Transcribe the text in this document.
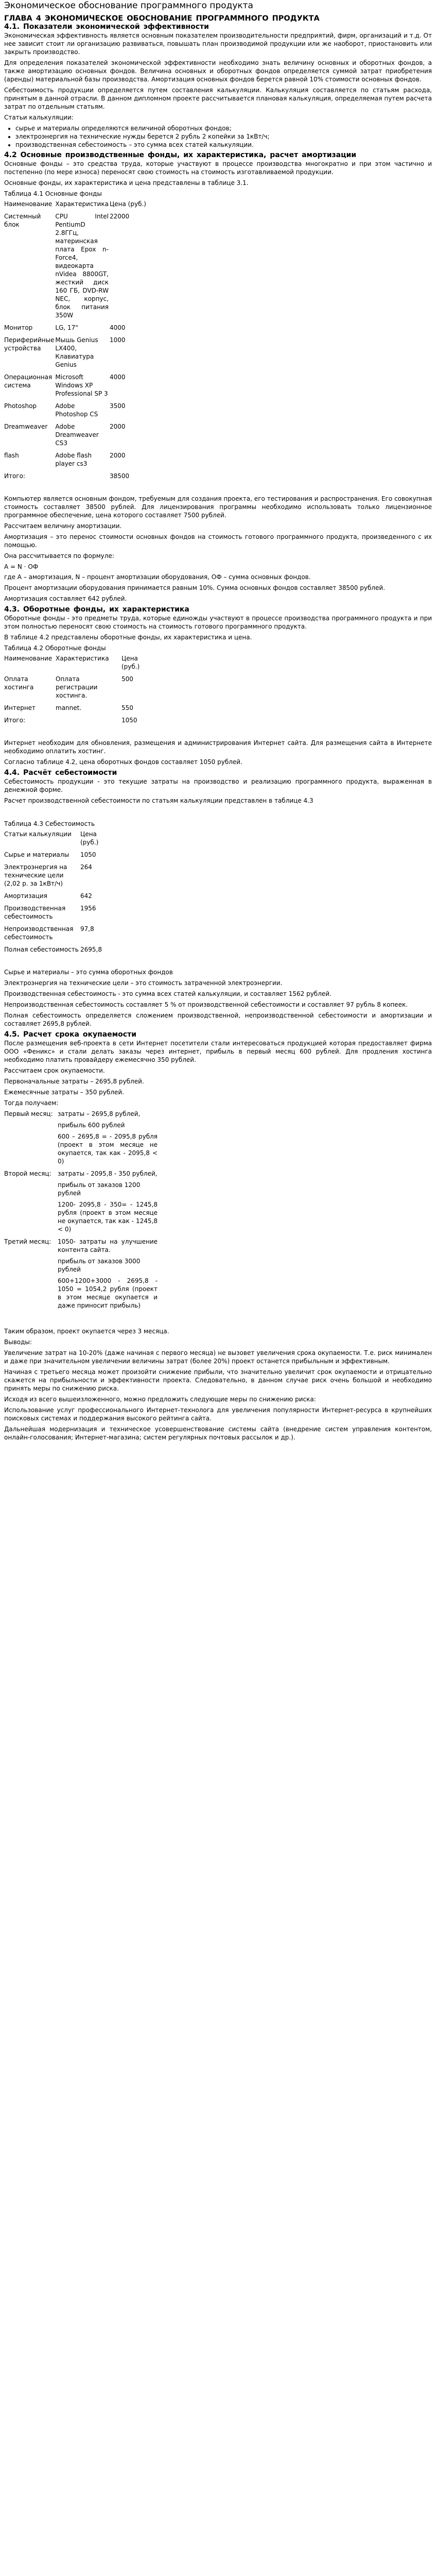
Экономическое обоснование программного продукта
ГЛАВА 4 ЭКОНОМИЧЕСКОЕ ОБОСНОВАНИЕ ПРОГРАММНОГО ПРОДУКТА
4.1. Показатели экономической эффективности

Экономическая эффективность является основным показателем производительности предприятий, фирм, организаций и т.д. От нее зависит стоит ли организацию развиваться, повышать план производимой продукции или же наоборот, приостановить или закрыть производство.

Для определения показателей экономической эффективности необходимо знать величину основных и оборотных фондов, а также амортизацию основных фондов. Величина основных и оборотных фондов определяется суммой затрат приобретения (аренды) материальной базы производства. Амортизация основных фондов берется равной 10% стоимости основных фондов.

Себестоимость продукции определяется путем составления калькуляции. Калькуляция составляется по статьям расхода, принятым в данной отрасли. В данном дипломном проекте рассчитывается плановая калькуляция, определяемая путем расчета затрат по отдельным статьям.

Статьи калькуляции:

• сырье и материалы определяются величиной оборотных фондов;
• электроэнергия на технические нужды берется 2 рубль 2 копейки за 1кВт/ч;
• производственная себестоимость – это сумма всех статей калькуляции.
4.2 Основные производственные фонды, их характеристика, расчет амортизации

Основные фонды – это средства труда, которые участвуют в процессе производства многократно и при этом частично и постепенно (по мере износа) переносят свою стоимость на стоимость изготавливаемой продукции.

Основные фонды, их характеристика и цена представлены в таблице 3.1.

Таблица 4.1 Основные фонды
Наименование	Характеристика	Цена (руб.)
Системный блок	CPU Intel PentiumD 2.8ГГц, материнская плата Epox n-Force4, видеокарта nVidea 8800GT, жесткий диск 160 ГБ, DVD-RW NEC, корпус, блок питания 350W	22000
Монитор	LG, 17"	4000
Периферийные устройства	Мышь Genius LX400, Клавиатура Genius	1000
Операционная система	Microsoft Windows XP Professional SP 3	4000
Photoshop	Adobe Photoshop CS	3500
Dreamweaver	Adobe Dreamweaver CS3	2000
flash	Adobe flash player cs3	2000
Итого:		38500

Компьютер является основным фондом, требуемым для создания проекта, его тестирования и распространения. Его совокупная стоимость составляет 38500 рублей. Для лицензирования программы необходимо использовать только лицензионное программное обеспечение, цена которого составляет 7500 рублей.

Рассчитаем величину амортизации.

Амортизация – это перенос стоимости основных фондов на стоимость готового программного продукта, произведенного с их помощью.

Она рассчитывается по формуле:

А = N · ОФ

где А – амортизация, N – процент амортизации оборудования, ОФ – сумма основных фондов.

Процент амортизации оборудования принимается равным 10%. Сумма основных фондов составляет 38500 рублей.

Амортизация составляет 642 рублей.

4.3. Оборотные фонды, их характеристика

Оборотные фонды - это предметы труда, которые единожды участвуют в процессе производства программного продукта и при этом полностью переносят свою стоимость на стоимость готового программного продукта.

В таблице 4.2 представлены оборотные фонды, их характеристика и цена.

Таблица 4.2 Оборотные фонды
Наименование	Характеристика	Цена (руб.)
Оплата хостинга	Оплата регистрации хостинга.	500
Интернет	mannet.	550
Итого:		1050

Интернет необходим для обновления, размещения и администрирования Интернет сайта. Для размещения сайта в Интернете необходимо оплатить хостинг.

Согласно таблице 4.2, цена оборотных фондов составляет 1050 рублей.

4.4. Расчёт себестоимости

Себестоимость продукции - это текущие затраты на производство и реализацию программного продукта, выраженная в денежной форме.

Расчет производственной себестоимости по статьям калькуляции представлен в таблице 4.3

Таблица 4.3 Себестоимость
Статьи калькуляции	Цена (руб.)
Сырье и материалы	1050
Электроэнергия на технические цели (2,02 р. за 1кВт/ч)	264
Амортизация	642
Производственная себестоимость	1956
Непроизводственная себестоимость	97,8
Полная себестоимость	2695,8

Сырье и материалы – это сумма оборотных фондов

Электроэнергия на технические цели – это стоимость затраченной электроэнергии.

Производственная себестоимость - это сумма всех статей калькуляции, и составляет 1562 рублей.

Непроизводственная себестоимость составляет 5 % от производственной себестоимости и составляет 97 рубль 8 копеек.

Полная себестоимость определяется сложением производственной, непроизводственной себестоимости и амортизации и составляет 2695,8 рублей.

4.5. Расчет срока окупаемости

После размещения веб-проекта в сети Интернет посетители стали интересоваться продукцией которая предоставляет фирма ООО «Феникс» и стали делать заказы через интернет, прибыль в первый месяц 600 рублей. Для продления хостинга необходимо платить провайдеру ежемесячно 350 рублей.

Рассчитаем срок окупаемости.

Первоначальные затраты – 2695,8 рублей.

Ежемесячные затраты – 350 рублей.

Тогда получаем:

Первый месяц:	затраты – 2695,8 рублей,
прибыль 600 рублей
600 – 2695,8 = - 2095,8 рубля (проект в этом месяце не окупается, так как - 2095,8 < 0)

Второй месяц:	затраты - 2095,8 - 350 рублей,
прибыль от заказов 1200 рублей
1200- 2095,8 - 350= - 1245,8 рубля (проект в этом месяце не окупается, так как - 1245,8 < 0)

Третий месяц:	1050- затраты на улучшение контента сайта.
прибыль от заказов 3000 рублей
600+1200+3000 - 2695,8 - 1050 = 1054,2 рубля (проект в этом месяце окупается и даже приносит прибыль)

Таким образом, проект окупается через 3 месяца.

Выводы:

Увеличение затрат на 10-20% (даже начиная с первого месяца) не вызовет увеличения срока окупаемости. Т.е. риск минимален и даже при значительном увеличении величины затрат (более 20%) проект останется прибыльным и эффективным.

Начиная с третьего месяца может произойти снижение прибыли, что значительно увеличит срок окупаемости и отрицательно скажется на прибыльности и эффективности проекта. Следовательно, в данном случае риск очень большой и необходимо принять меры по снижению риска.

Исходя из всего вышеизложенного, можно предложить следующие меры по снижению риска:

Использование услуг профессионального Интернет-технолога для увеличения популярности Интернет-ресурса в крупнейших поисковых системах и поддержания высокого рейтинга сайта.

Дальнейшая модернизация и техническое усовершенствование системы сайта (внедрение систем управления контентом, онлайн-голосования; Интернет-магазина; систем регулярных почтовых рассылок и др.).
